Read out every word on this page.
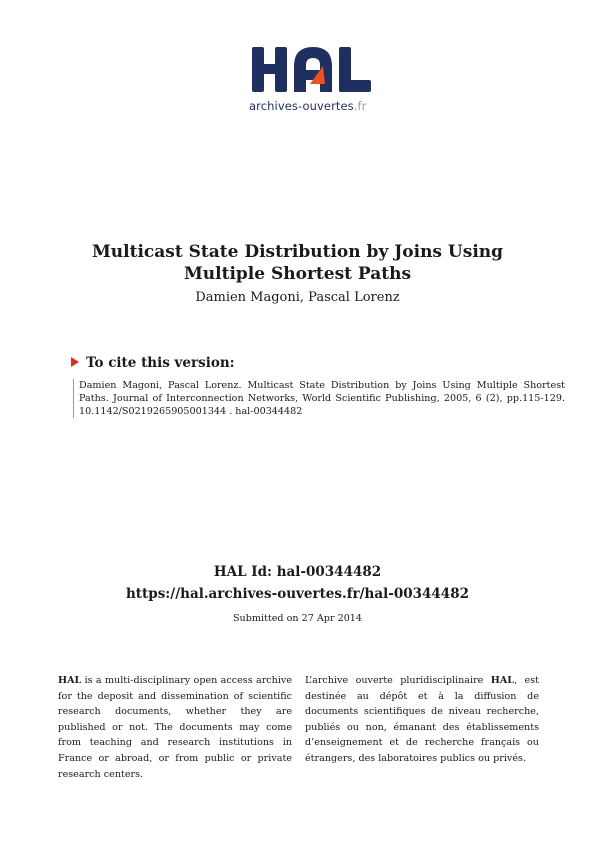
archives-ouvertes.fr
Multicast State Distribution by Joins Using Multiple Shortest Paths
Damien Magoni, Pascal Lorenz
To cite this version:
Damien Magoni, Pascal Lorenz. Multicast State Distribution by Joins Using Multiple Shortest Paths. Journal of Interconnection Networks, World Scientific Publishing, 2005, 6 (2), pp.115-129. 10.1142/S0219265905001344 . hal-00344482
HAL Id: hal-00344482
https://hal.archives-ouvertes.fr/hal-00344482
Submitted on 27 Apr 2014
HAL is a multi-disciplinary open access archive for the deposit and dissemination of scientific research documents, whether they are published or not. The documents may come from teaching and research institutions in France or abroad, or from public or private research centers.
L’archive ouverte pluridisciplinaire HAL, est destinée au dépôt et à la diffusion de documents scientifiques de niveau recherche, publiés ou non, émanant des établissements d’enseignement et de recherche français ou étrangers, des laboratoires publics ou privés.
